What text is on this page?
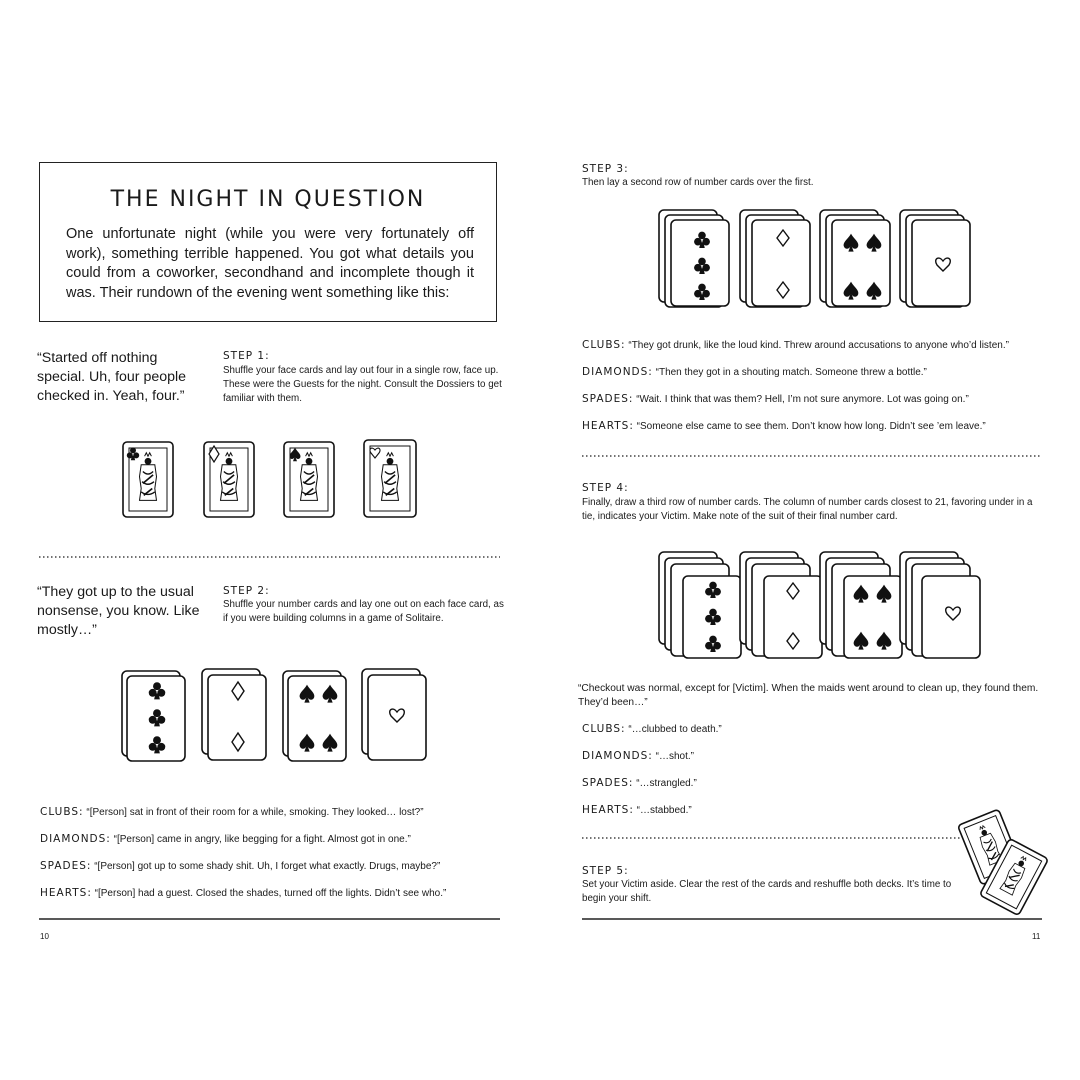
THE NIGHT IN QUESTION

One unfortunate night (while you were very fortunately off work), something terrible happened. You got what details you could from a coworker, secondhand and incomplete though it was. Their rundown of the evening went something like this:

“Started off nothing special. Uh, four people checked in. Yeah, four.”
STEP 1:
Shuffle your face cards and lay out four in a single row, face up. These were the Guests for the night. Consult the Dossiers to get familiar with them.
“They got up to the usual nonsense, you know. Like mostly…”
STEP 2:
Shuffle your number cards and lay one out on each face card, as if you were building columns in a game of Solitaire.
CLUBS: “[Person] sat in front of their room for a while, smoking. They looked… lost?”
DIAMONDS: “[Person] came in angry, like begging for a fight. Almost got in one.”
SPADES: “[Person] got up to some shady shit. Uh, I forget what exactly. Drugs, maybe?”
HEARTS: “[Person] had a guest. Closed the shades, turned off the lights. Didn’t see who.”
10
STEP 3:
Then lay a second row of number cards over the first.
CLUBS: “They got drunk, like the loud kind. Threw around accusations to anyone who’d listen.”
DIAMONDS: “Then they got in a shouting match. Someone threw a bottle.”
SPADES: “Wait. I think that was them? Hell, I’m not sure anymore. Lot was going on.”
HEARTS: “Someone else came to see them. Don’t know how long. Didn’t see ’em leave.”
STEP 4:
Finally, draw a third row of number cards. The column of number cards closest to 21, favoring under in a tie, indicates your Victim. Make note of the suit of their final number card.
“Checkout was normal, except for [Victim]. When the maids went around to clean up, they found them. They’d been…”
CLUBS: “…clubbed to death.”
DIAMONDS: “…shot.”
SPADES: “…strangled.”
HEARTS: “…stabbed.”
STEP 5:
Set your Victim aside. Clear the rest of the cards and reshuffle both decks. It’s time to begin your shift.
11
